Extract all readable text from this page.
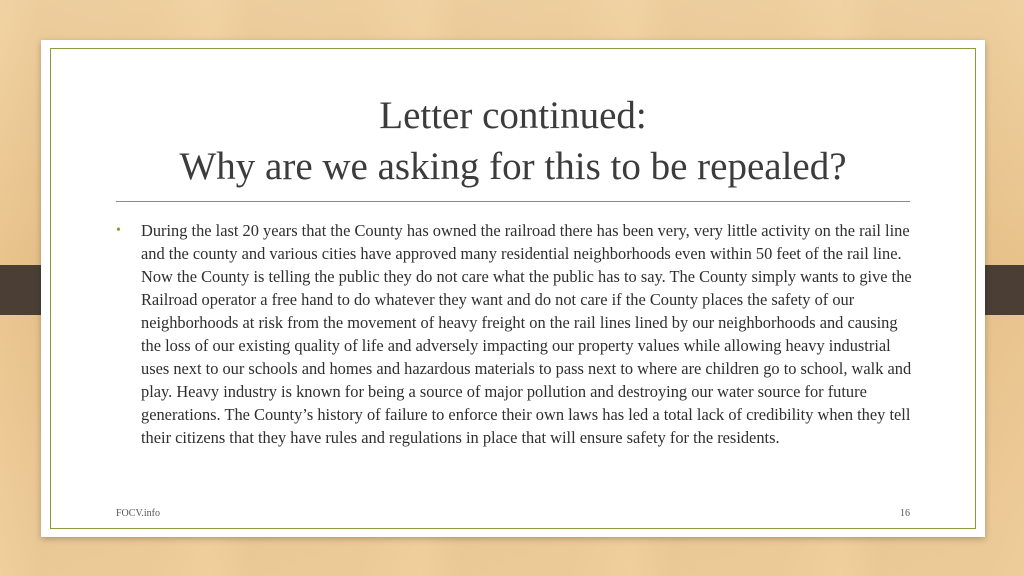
Letter continued:
Why are we asking for this to be repealed?
• During the last 20 years that the County has owned the railroad there has been very, very little activity on the rail line and the county and various cities have approved many residential neighborhoods even within 50 feet of the rail line. Now the County is telling the public they do not care what the public has to say. The County simply wants to give the Railroad operator a free hand to do whatever they want and do not care if the County places the safety of our neighborhoods at risk from the movement of heavy freight on the rail lines lined by our neighborhoods and causing the loss of our existing quality of life and adversely impacting our property values while allowing heavy industrial uses next to our schools and homes and hazardous materials to pass next to where are children go to school, walk and play. Heavy industry is known for being a source of major pollution and destroying our water source for future generations. The County’s history of failure to enforce their own laws has led a total lack of credibility when they tell their citizens that they have rules and regulations in place that will ensure safety for the residents.
FOCV.info	16
